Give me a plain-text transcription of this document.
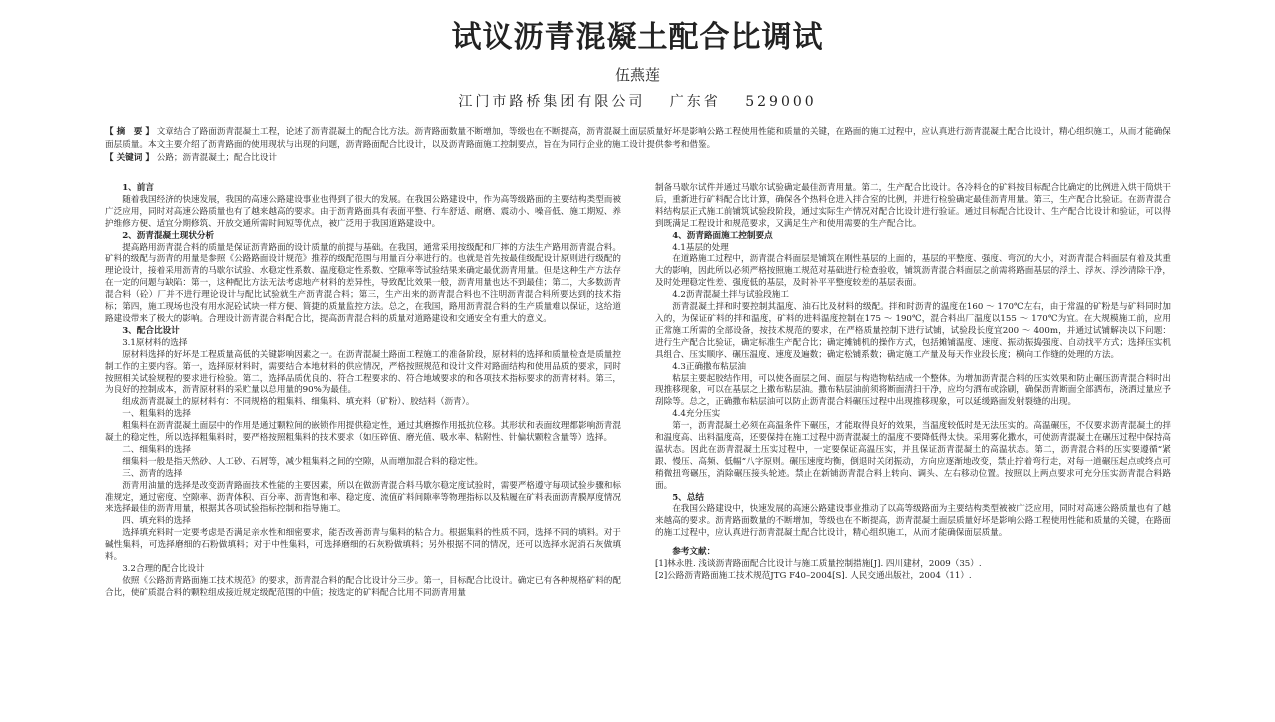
试议沥青混凝土配合比调试
伍燕莲
江门市路桥集团有限公司　 广东省　 529000
【 摘　要 】 文章结合了路面沥青混凝土工程，论述了沥青混凝土的配合比方法。沥青路面数量不断增加，等级也在不断提高，沥青混凝土面层质量好坏是影响公路工程使用性能和质量的关键，在路面的施工过程中，应认真进行沥青混凝土配合比设计，精心组织施工，从而才能确保面层质量。本文主要介绍了沥青路面的使用现状与出现的问题，沥青路面配合比设计，以及沥青路面施工控制要点，旨在为同行企业的施工设计提供参考和借鉴。
【 关键词 】 公路；沥青混凝土；配合比设计

1、前言

随着我国经济的快速发展，我国的高速公路建设事业也得到了很大的发展。在我国公路建设中，作为高等级路面的主要结构类型而被广泛应用，同时对高速公路质量也有了越来越高的要求。由于沥青路面具有表面平整、行车舒适、耐磨、震动小、噪音低、施工期短、养护维修方便、适宜分期修筑、开放交通所需时间短等优点，被广泛用于我国道路建设中。

2、沥青混凝土现状分析

提高路用沥青混合料的质量是保证沥青路面的设计质量的前提与基础。在我国，通常采用按级配和厂摔的方法生产路用沥青混合料。矿料的级配与沥青的用量是参照《公路路面设计规范》推荐的级配范围与用量百分率进行的。也就是首先按最佳级配设计原则进行级配的理论设计，接着采用沥青的马歇尔试验、水稳定性系数、温度稳定性系数、空隙率等试验结果来确定最优沥青用量。但是这种生产方法存在一定的问题与缺陷：第一，这种配比方法无法考虑地产材料的差异性，导致配比效果一般，沥青用量也达不到最佳；第二，大多数沥青混合料（砼）厂并不进行理论设计与配比试验就生产沥青混合料；第三，生产出来的沥青混合料也不注明沥青混合料所要达到的技术指标；第四，施工现场也没有用水泥砼试块一样方便、简捷的质量监控方法。总之，在我国，路用沥青混合料的生产质量难以保证，这给道路建设带来了极大的影响。合理设计沥青混合料配合比，提高沥青混合料的质量对道路建设和交通安全有重大的意义。

3、配合比设计

3.1原材料的选择

原材料选择的好坏是工程质量高低的关键影响因素之一。在沥青混凝土路面工程施工的准备阶段，原材料的选择和质量检查是质量控制工作的主要内容。第一，选择原材料时，需要结合本地材料的供应情况，严格按照规范和设计文件对路面结构和使用品质的要求，同时按照相关试验规程的要求进行检验。第二，选择品质优良的、符合工程要求的、符合地域要求的和各项技术指标要求的沥青材料。第三，为良好的控制成本，沥青原材料的采贮量以总用量的90%为最佳。

组成沥青混凝土的原材料有：不同规格的粗集料、细集料、填充料（矿粉）、胶结料（沥青）。

一、粗集料的选择

粗集料在沥青混凝土面层中的作用是通过颗粒间的嵌锁作用提供稳定性，通过其磨擦作用抵抗位移。其形状和表面纹理都影响沥青混凝土的稳定性，所以选择粗集料时，要严格按照粗集料的技术要求（如压碎值、磨光值、吸水率、粘附性、针偏状颗粒含量等）选择。

二、细集料的选择

细集料一般是指天然砂、人工砂、石屑等，减少粗集料之间的空隙，从而增加混合料的稳定性。

三、沥青的选择

沥青用油量的选择是改变沥青路面技术性能的主要因素，所以在做沥青混合料马歇尔稳定度试验时，需要严格遵守每项试验步骤和标准规定，通过密度、空隙率、沥青体积、百分率、沥青饱和率、稳定度、流值矿料间隙率等物理指标以及粘履在矿料表面沥青膜厚度情况来选择最佳的沥青用量，根据其各项试验指标控制和指导施工。

四、填充料的选择

选择填充料时一定要考虑是否满足亲水性和细密要求，能否改善沥青与集料的粘合力。根据集料的性质不同，选择不同的填料。对于碱性集料，可选择磨细的石粉做填料；对于中性集料，可选择磨细的石灰粉做填料；另外根据不同的情况，还可以选择水泥消石灰做填料。

3.2合理的配合比设计

依照《公路沥青路面施工技术规范》的要求，沥青混合料的配合比设计分三步。第一，目标配合比设计。确定已有各种规格矿料的配合比，使矿质混合料的颗粒组成接近规定级配范围的中值；按选定的矿料配合比用不同沥青用量

制备马歇尔试件并通过马歇尔试验确定最佳沥青用量。第二，生产配合比设计。各冷料仓的矿料按目标配合比确定的比例进入烘干筒烘干后，重新进行矿料配合比计算，确保各个热料仓进入拌合室的比例，并进行检验确定最佳沥青用量。第三，生产配合比验证。在沥青混合料结构层正式施工前铺筑试验段阶段，通过实际生产情况对配合比设计进行验证。通过目标配合比设计、生产配合比设计和验证，可以得到既满足工程设计和规范要求，又满足生产和使用需要的生产配合比。

4、沥青路面施工控制要点

4.1基层的处理

在道路施工过程中，沥青混合料面层是铺筑在刚性基层的上面的，基层的平整度、强度、弯沉的大小，对沥青混合料面层有着及其重大的影响，因此所以必须严格按照施工规范对基础进行检查验收，铺筑沥青混合料面层之前需将路面基层的浮土、浮灰、浮沙清除干净，及时处理稳定性差、强度低的基层，及时补平平整度较差的基层表面。

4.2沥青混凝土拌与试验段施工

沥青混凝土拌和时要控制其温度、油石比及材料的级配。拌和时沥青的温度在160 ～ 170℃左右，由于常温的矿粉是与矿料同时加入的，为保证矿料的拌和温度，矿料的进料温度控制在175 ～ 190℃，混合料出厂温度以155 ～ 170℃为宜。在大规模施工前，应用正常施工所需的全部设备，按技术规范的要求，在严格质量控制下进行试铺，试验段长度宜200 ～ 400m，并通过试铺解决以下问题：进行生产配合比验证，确定标准生产配合比；确定摊铺机的操作方式，包括摊铺温度、速度、振动振捣强度、自动找平方式；选择压实机具组合、压实顺序、碾压温度、速度及遍数；确定松铺系数；确定施工产量及每天作业段长度；横向工作缝的处理的方法。

4.3正确撒布粘层油

粘层主要起胶结作用，可以使各面层之间、面层与构造物粘结成一个整体。为增加沥青混合料的压实效果和防止碾压沥青混合料时出现推移现象，可以在基层之上撒布粘层油。撒布粘层油前须将断面清扫干净，应均匀洒布或涂刷，确保沥青断面全部洒布，浇洒过量应予刮除等。总之，正确撒布粘层油可以防止沥青混合料碾压过程中出现推移现象，可以延缓路面发射裂缝的出现。

4.4充分压实

第一，沥青混凝土必须在高温条件下碾压，才能取得良好的效果，当温度较低时是无法压实的。高温碾压，不仅要求沥青混凝土的拌和温度高、出料温度高，还要保持在施工过程中沥青混凝土的温度不要降低得太快。采用雾化撒水，可使沥青混凝土在碾压过程中保持高温状态。因此在沥青混凝土压实过程中，一定要保证高温压实，并且保证沥青混凝土的高温状态。第二，沥青混合料的压实要遵循“紧跟、慢压、高频、低幅”八字原则。碾压速度均衡，倒退时关闭振动，方向应逐渐地改变，禁止拧着弯行走，对每一道碾压起点或终点可稍微扭弯碾压，消除碾压接头轮迹。禁止在新铺沥青混合料上转向、调头、左右移动位置。按照以上两点要求可充分压实沥青混合料路面。

5、总结

在我国公路建设中，快速发展的高速公路建设事业推动了以高等级路面为主要结构类型被被广泛应用，同时对高速公路质量也有了越来越高的要求。沥青路面数量的不断增加，等级也在不断提高，沥青混凝土面层质量好坏是影响公路工程使用性能和质量的关键，在路面的施工过程中，应认真进行沥青混凝土配合比设计，精心组织施工，从而才能确保面层质量。

参考文献：

[1]林永胜. 浅谈沥青路面配合比设计与施工质量控制措施[J]. 四川建材，2009（35）.

[2]公路沥青路面施工技术规范JTG F40–2004[S]. 人民交通出版社，2004（11）.
